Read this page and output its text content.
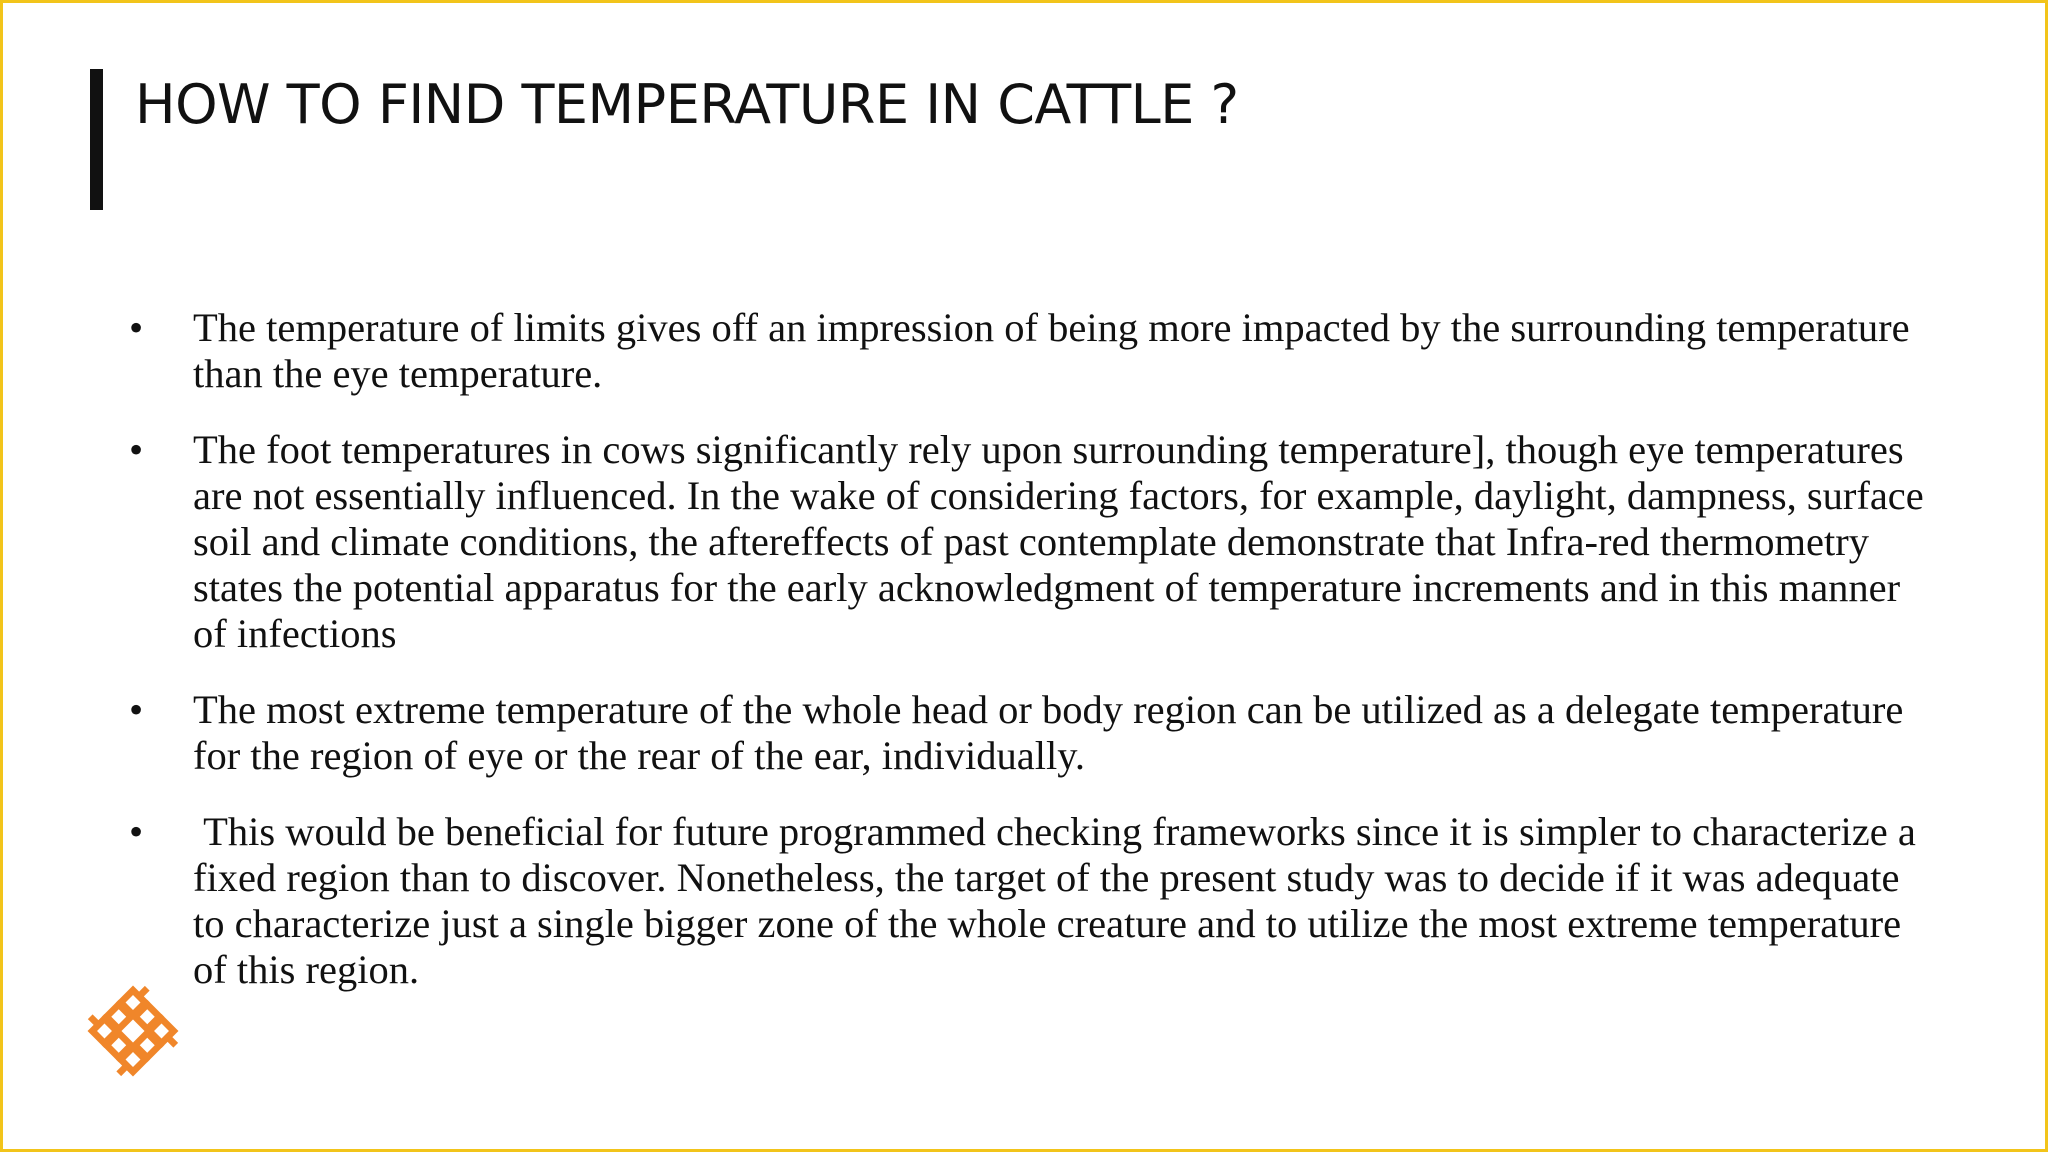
HOW TO FIND TEMPERATURE IN CATTLE ?
•	The temperature of limits gives off an impression of being more impacted by the surrounding temperature than the eye temperature.
•	The foot temperatures in cows significantly rely upon surrounding temperature], though eye temperatures are not essentially influenced. In the wake of considering factors, for example, daylight, dampness, surface soil and climate conditions, the aftereffects of past contemplate demonstrate that Infra-red thermometry states the potential apparatus for the early acknowledgment of temperature increments and in this manner of infections
•	The most extreme temperature of the whole head or body region can be utilized as a delegate temperature for the region of eye or the rear of the ear, individually.
•	This would be beneficial for future programmed checking frameworks since it is simpler to characterize a fixed region than to discover. Nonetheless, the target of the present study was to decide if it was adequate to characterize just a single bigger zone of the whole creature and to utilize the most extreme temperature of this region.
